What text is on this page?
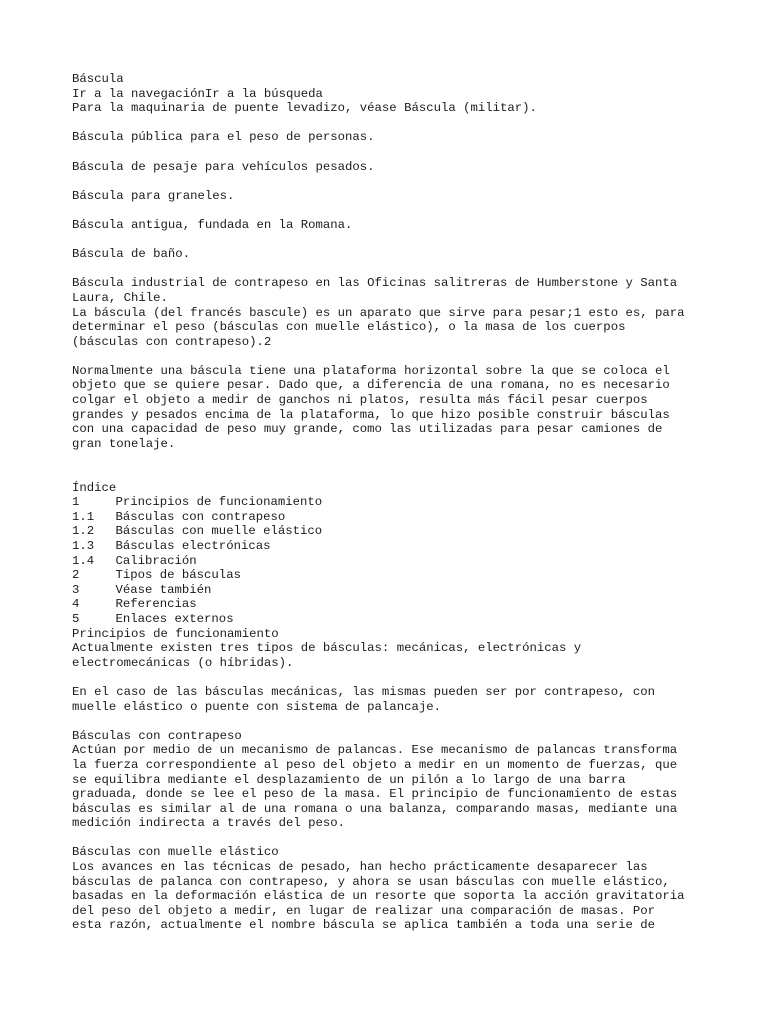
Báscula
Ir a la navegaciónIr a la búsqueda
Para la maquinaria de puente levadizo, véase Báscula (militar).
Báscula pública para el peso de personas.
Báscula de pesaje para vehículos pesados.
Báscula para graneles.
Báscula antigua, fundada en la Romana.
Báscula de baño.
Báscula industrial de contrapeso en las Oficinas salitreras de Humberstone y Santa
Laura, Chile.
La báscula (del francés bascule) es un aparato que sirve para pesar;1 esto es, para
determinar el peso (básculas con muelle elástico), o la masa de los cuerpos
(básculas con contrapeso).2
Normalmente una báscula tiene una plataforma horizontal sobre la que se coloca el
objeto que se quiere pesar. Dado que, a diferencia de una romana, no es necesario
colgar el objeto a medir de ganchos ni platos, resulta más fácil pesar cuerpos
grandes y pesados encima de la plataforma, lo que hizo posible construir básculas
con una capacidad de peso muy grande, como las utilizadas para pesar camiones de
gran tonelaje.
Índice
1	Principios de funcionamiento
1.1	Básculas con contrapeso
1.2	Básculas con muelle elástico
1.3	Básculas electrónicas
1.4	Calibración
2	Tipos de básculas
3	Véase también
4	Referencias
5	Enlaces externos
Principios de funcionamiento
Actualmente existen tres tipos de básculas: mecánicas, electrónicas y
electromecánicas (o híbridas).
En el caso de las básculas mecánicas, las mismas pueden ser por contrapeso, con
muelle elástico o puente con sistema de palancaje.
Básculas con contrapeso
Actúan por medio de un mecanismo de palancas. Ese mecanismo de palancas transforma
la fuerza correspondiente al peso del objeto a medir en un momento de fuerzas, que
se equilibra mediante el desplazamiento de un pilón a lo largo de una barra
graduada, donde se lee el peso de la masa. El principio de funcionamiento de estas
básculas es similar al de una romana o una balanza, comparando masas, mediante una
medición indirecta a través del peso.
Básculas con muelle elástico
Los avances en las técnicas de pesado, han hecho prácticamente desaparecer las
básculas de palanca con contrapeso, y ahora se usan básculas con muelle elástico,
basadas en la deformación elástica de un resorte que soporta la acción gravitatoria
del peso del objeto a medir, en lugar de realizar una comparación de masas. Por
esta razón, actualmente el nombre báscula se aplica también a toda una serie de
